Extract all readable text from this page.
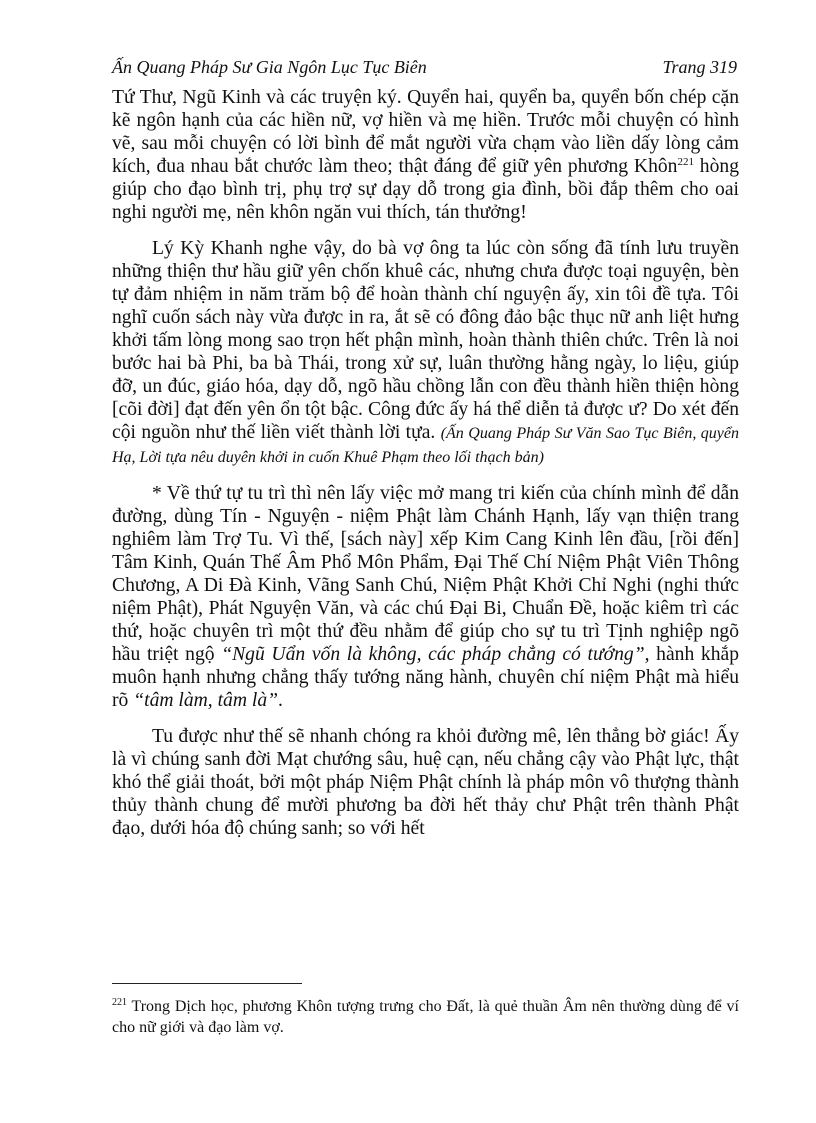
Ấn Quang Pháp Sư Gia Ngôn Lục Tục Biên	Trang 319

Tứ Thư, Ngũ Kinh và các truyện ký. Quyển hai, quyển ba, quyển bốn chép cặn kẽ ngôn hạnh của các hiền nữ, vợ hiền và mẹ hiền. Trước mỗi chuyện có hình vẽ, sau mỗi chuyện có lời bình để mắt người vừa chạm vào liền dấy lòng cảm kích, đua nhau bắt chước làm theo; thật đáng để giữ yên phương Khôn$^{221}$ hòng giúp cho đạo bình trị, phụ trợ sự dạy dỗ trong gia đình, bồi đắp thêm cho oai nghi người mẹ, nên khôn ngăn vui thích, tán thưởng!

Lý Kỳ Khanh nghe vậy, do bà vợ ông ta lúc còn sống đã tính lưu truyền những thiện thư hầu giữ yên chốn khuê các, nhưng chưa được toại nguyện, bèn tự đảm nhiệm in năm trăm bộ để hoàn thành chí nguyện ấy, xin tôi đề tựa. Tôi nghĩ cuốn sách này vừa được in ra, ắt sẽ có đông đảo bậc thục nữ anh liệt hưng khởi tấm lòng mong sao trọn hết phận mình, hoàn thành thiên chức. Trên là noi bước hai bà Phi, ba bà Thái, trong xử sự, luân thường hằng ngày, lo liệu, giúp đỡ, un đúc, giáo hóa, dạy dỗ, ngõ hầu chồng lẫn con đều thành hiền thiện hòng [cõi đời] đạt đến yên ổn tột bậc. Công đức ấy há thể diễn tả được ư? Do xét đến cội nguồn như thế liền viết thành lời tựa. (Ấn Quang Pháp Sư Văn Sao Tục Biên, quyển Hạ, Lời tựa nêu duyên khởi in cuốn Khuê Phạm theo lối thạch bản)

* Về thứ tự tu trì thì nên lấy việc mở mang tri kiến của chính mình để dẫn đường, dùng Tín - Nguyện - niệm Phật làm Chánh Hạnh, lấy vạn thiện trang nghiêm làm Trợ Tu. Vì thế, [sách này] xếp Kim Cang Kinh lên đầu, [rồi đến] Tâm Kinh, Quán Thế Âm Phổ Môn Phẩm, Đại Thế Chí Niệm Phật Viên Thông Chương, A Di Đà Kinh, Vãng Sanh Chú, Niệm Phật Khởi Chỉ Nghi (nghi thức niệm Phật), Phát Nguyện Văn, và các chú Đại Bi, Chuẩn Đề, hoặc kiêm trì các thứ, hoặc chuyên trì một thứ đều nhằm để giúp cho sự tu trì Tịnh nghiệp ngõ hầu triệt ngộ “Ngũ Uẩn vốn là không, các pháp chẳng có tướng”, hành khắp muôn hạnh nhưng chẳng thấy tướng năng hành, chuyên chí niệm Phật mà hiểu rõ “tâm làm, tâm là”.

Tu được như thế sẽ nhanh chóng ra khỏi đường mê, lên thẳng bờ giác! Ấy là vì chúng sanh đời Mạt chướng sâu, huệ cạn, nếu chẳng cậy vào Phật lực, thật khó thể giải thoát, bởi một pháp Niệm Phật chính là pháp môn vô thượng thành thủy thành chung để mười phương ba đời hết thảy chư Phật trên thành Phật đạo, dưới hóa độ chúng sanh; so với hết

$^{221}$ Trong Dịch học, phương Khôn tượng trưng cho Đất, là quẻ thuần Âm nên thường dùng để ví cho nữ giới và đạo làm vợ.
